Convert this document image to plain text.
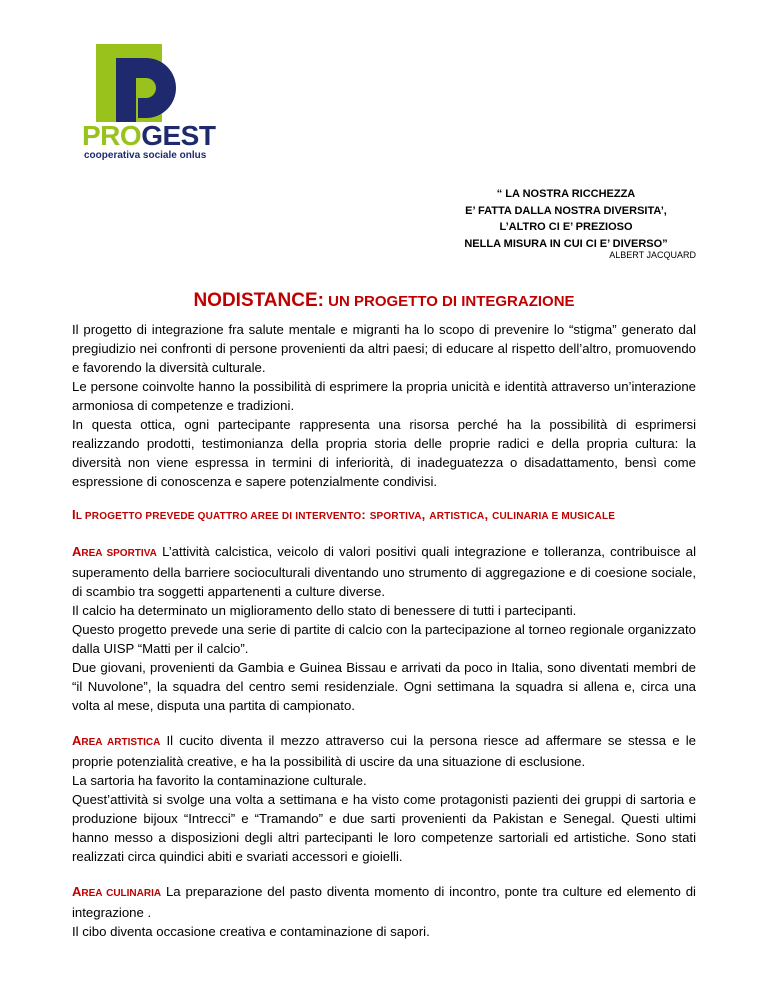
PROGEST
cooperativa sociale onlus
“ LA NOSTRA RICCHEZZA
E’ FATTA DALLA NOSTRA DIVERSITA’,
L’ALTRO CI E’ PREZIOSO
NELLA MISURA IN CUI CI E’ DIVERSO”
ALBERT JACQUARD
NODISTANCE: UN PROGETTO DI INTEGRAZIONE

Il progetto di integrazione fra salute mentale e migranti ha lo scopo di prevenire lo “stigma” generato dal pregiudizio nei confronti di persone provenienti da altri paesi; di educare al rispetto dell’altro, promuovendo e favorendo la diversità culturale.

Le persone coinvolte hanno la possibilità di esprimere la propria unicità e identità attraverso un’interazione armoniosa di competenze e tradizioni.

In questa ottica, ogni partecipante rappresenta una risorsa perché ha la possibilità di esprimersi realizzando prodotti, testimonianza della propria storia delle proprie radici e della propria cultura: la diversità non viene espressa in termini di inferiorità, di inadeguatezza o disadattamento, bensì come espressione di conoscenza e sapere potenzialmente condivisi.

IL PROGETTO PREVEDE QUATTRO AREE DI INTERVENTO: SPORTIVA, ARTISTICA, CULINARIA E MUSICALE

AREA SPORTIVA L’attività calcistica, veicolo di valori positivi quali integrazione e tolleranza, contribuisce al superamento della barriere socioculturali diventando uno strumento di aggregazione e di coesione sociale, di scambio tra soggetti appartenenti a culture diverse.

Il calcio ha determinato un miglioramento dello stato di benessere di tutti i partecipanti.

Questo progetto prevede una serie di partite di calcio con la partecipazione al torneo regionale organizzato dalla UISP “Matti per il calcio”.

Due giovani, provenienti da Gambia e Guinea Bissau e arrivati da poco in Italia, sono diventati membri de “il Nuvolone”, la squadra del centro semi residenziale. Ogni settimana la squadra si allena e, circa una volta al mese, disputa una partita di campionato.

AREA ARTISTICA Il cucito diventa il mezzo attraverso cui la persona riesce ad affermare se stessa e le proprie potenzialità creative, e ha la possibilità di uscire da una situazione di esclusione.

La sartoria ha favorito la contaminazione culturale.

Quest’attività si svolge una volta a settimana e ha visto come protagonisti pazienti dei gruppi di sartoria e produzione bijoux “Intrecci” e “Tramando” e due sarti provenienti da Pakistan e Senegal. Questi ultimi hanno messo a disposizioni degli altri partecipanti le loro competenze sartoriali ed artistiche. Sono stati realizzati circa quindici abiti e svariati accessori e gioielli.

AREA CULINARIA La preparazione del pasto diventa momento di incontro, ponte tra culture ed elemento di integrazione .

Il cibo diventa occasione creativa e contaminazione di sapori.
